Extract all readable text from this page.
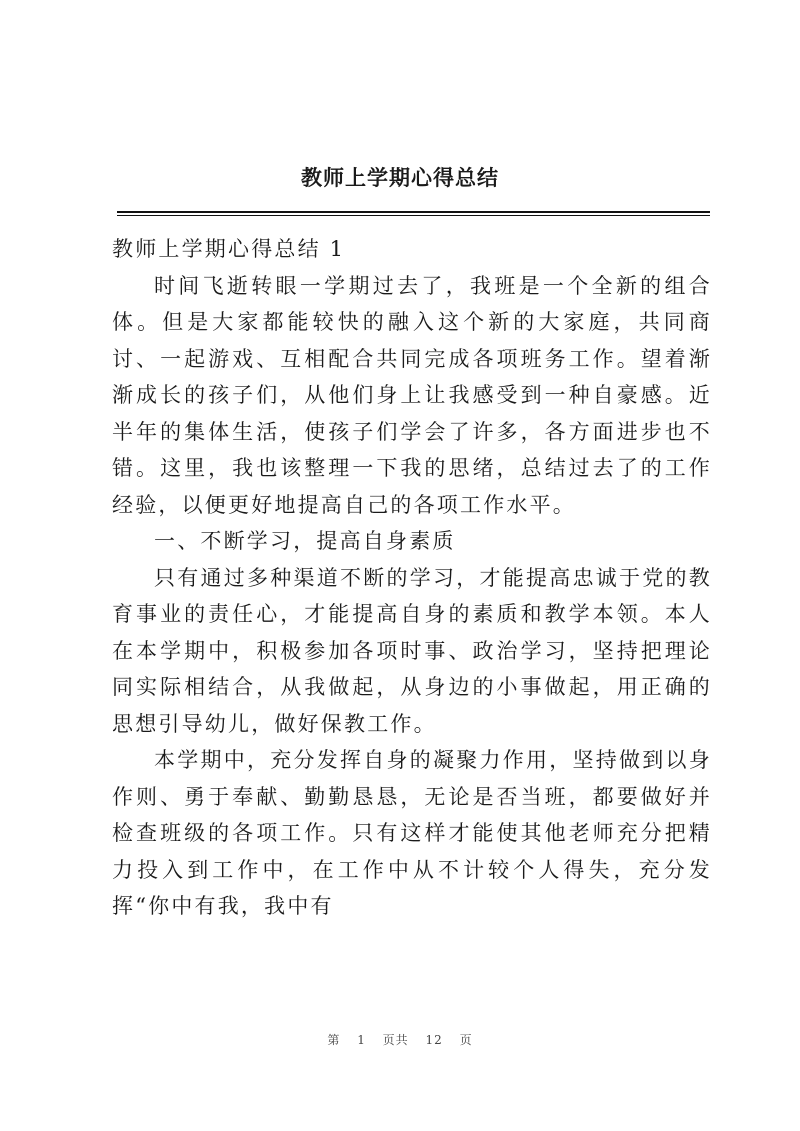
教师上学期心得总结

教师上学期心得总结 1

时间飞逝转眼一学期过去了，我班是一个全新的组合体。但是大家都能较快的融入这个新的大家庭，共同商讨、一起游戏、互相配合共同完成各项班务工作。望着渐渐成长的孩子们，从他们身上让我感受到一种自豪感。近半年的集体生活，使孩子们学会了许多，各方面进步也不错。这里，我也该整理一下我的思绪，总结过去了的工作经验，以便更好地提高自己的各项工作水平。

一、不断学习，提高自身素质

只有通过多种渠道不断的学习，才能提高忠诚于党的教育事业的责任心，才能提高自身的素质和教学本领。本人在本学期中，积极参加各项时事、政治学习，坚持把理论同实际相结合，从我做起，从身边的小事做起，用正确的思想引导幼儿，做好保教工作。

本学期中，充分发挥自身的凝聚力作用，坚持做到以身作则、勇于奉献、勤勤恳恳，无论是否当班，都要做好并检查班级的各项工作。只有这样才能使其他老师充分把精力投入到工作中，在工作中从不计较个人得失，充分发挥“你中有我，我中有

第 1 页共 12 页
